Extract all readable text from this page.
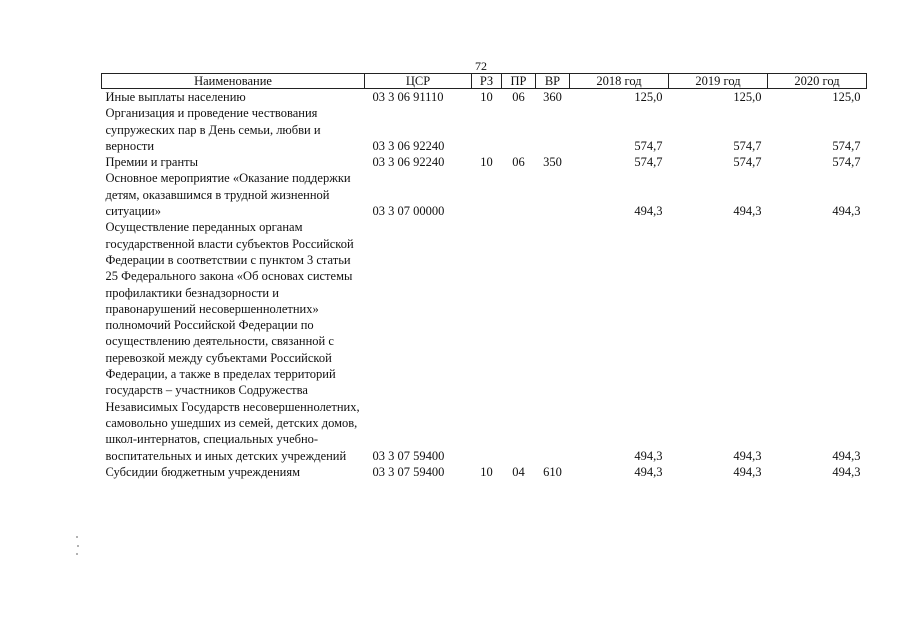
72
Наименование	ЦСР	РЗ	ПР	ВР	2018 год	2019 год	2020 год
Иные выплаты населению	03 3 06 91110	10	06	360	125,0	125,0	125,0
Организация и проведение чествования супружеских пар в День семьи, любви и верности	03 3 06 92240				574,7	574,7	574,7
Премии и гранты	03 3 06 92240	10	06	350	574,7	574,7	574,7
Основное мероприятие «Оказание поддержки детям, оказавшимся в трудной жизненной ситуации»	03 3 07 00000				494,3	494,3	494,3
Осуществление переданных органам государственной власти субъектов Российской Федерации в соответствии с пунктом 3 статьи 25 Федерального закона «Об основах системы профилактики безнадзорности и правонарушений несовершеннолетних» полномочий Российской Федерации по осуществлению деятельности, связанной с перевозкой между субъектами Российской Федерации, а также в пределах территорий государств – участников Содружества Независимых Государств несовершеннолетних, самовольно ушедших из семей, детских домов, школ-интернатов, специальных учебно-воспитательных и иных детских учреждений	03 3 07 59400				494,3	494,3	494,3
Субсидии бюджетным учреждениям	03 3 07 59400	10	04	610	494,3	494,3	494,3
